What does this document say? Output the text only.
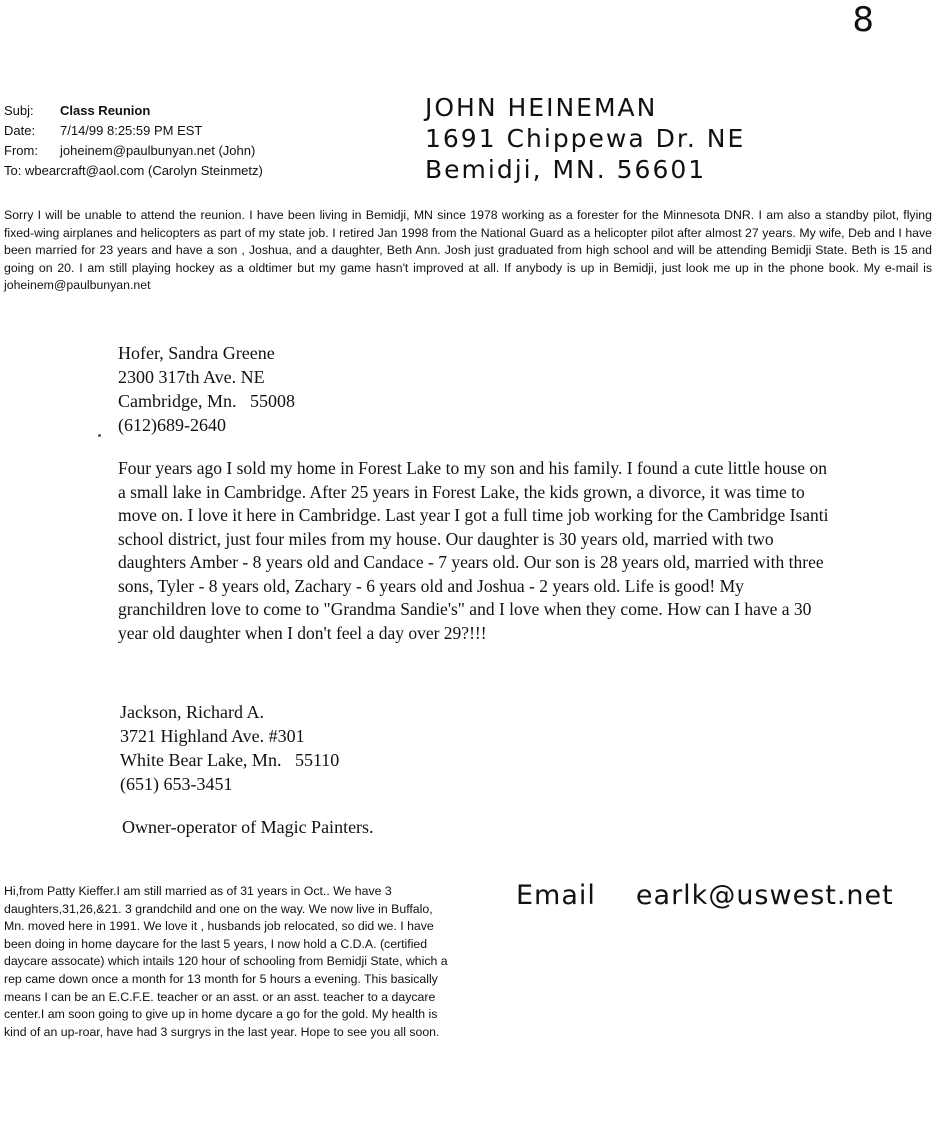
8
Subj: Class Reunion
Date: 7/14/99 8:25:59 PM EST
From: joheinem@paulbunyan.net (John)
To: wbearcraft@aol.com (Carolyn Steinmetz)
JOHN HEINEMAN
1691 Chippewa Dr. NE
Bemidji, MN. 56601
Sorry I will be unable to attend the reunion. I have been living in Bemidji, MN since 1978 working as a forester for the Minnesota DNR. I am also a standby pilot, flying fixed-wing airplanes and helicopters as part of my state job. I retired Jan 1998 from the National Guard as a helicopter pilot after almost 27 years. My wife, Deb and I have been married for 23 years and have a son , Joshua, and a daughter, Beth Ann. Josh just graduated from high school and will be attending Bemidji State. Beth is 15 and going on 20. I am still playing hockey as a oldtimer but my game hasn't improved at all. If anybody is up in Bemidji, just look me up in the phone book. My e-mail is joheinem@paulbunyan.net
Hofer, Sandra Greene
2300 317th Ave. NE
Cambridge, Mn.   55008
(612)689-2640
Four years ago I sold my home in Forest Lake to my son and his family. I found a cute little house on a small lake in Cambridge. After 25 years in Forest Lake, the kids grown, a divorce, it was time to move on. I love it here in Cambridge. Last year I got a full time job working for the Cambridge Isanti school district, just four miles from my house. Our daughter is 30 years old, married with two daughters Amber - 8 years old and Candace - 7 years old. Our son is 28 years old, married with three sons, Tyler - 8 years old, Zachary - 6 years old and Joshua - 2 years old. Life is good! My granchildren love to come to "Grandma Sandie's" and I love when they come. How can I have a 30 year old daughter when I don't feel a day over 29?!!!
Jackson, Richard A.
3721 Highland Ave. #301
White Bear Lake, Mn.   55110
(651) 653-3451
Owner-operator of Magic Painters.
Hi,from Patty Kieffer.I am still married as of 31 years in Oct.. We have 3 daughters,31,26,&21. 3 grandchild and one on the way. We now live in Buffalo, Mn. moved here in 1991. We love it , husbands job relocated, so did we. I have been doing in home daycare for the last 5 years, I now hold a C.D.A. (certified daycare assocate) which intails 120 hour of schooling from Bemidji State, which a rep came down once a month for 13 month for 5 hours a evening. This basically means I can be an E.C.F.E. teacher or an asst. or an asst. teacher to a daycare center.I am soon going to give up in home dycare a go for the gold. My health is kind of an up-roar, have had 3 surgrys in the last year. Hope to see you all soon.
Email earlk@uswest.net
